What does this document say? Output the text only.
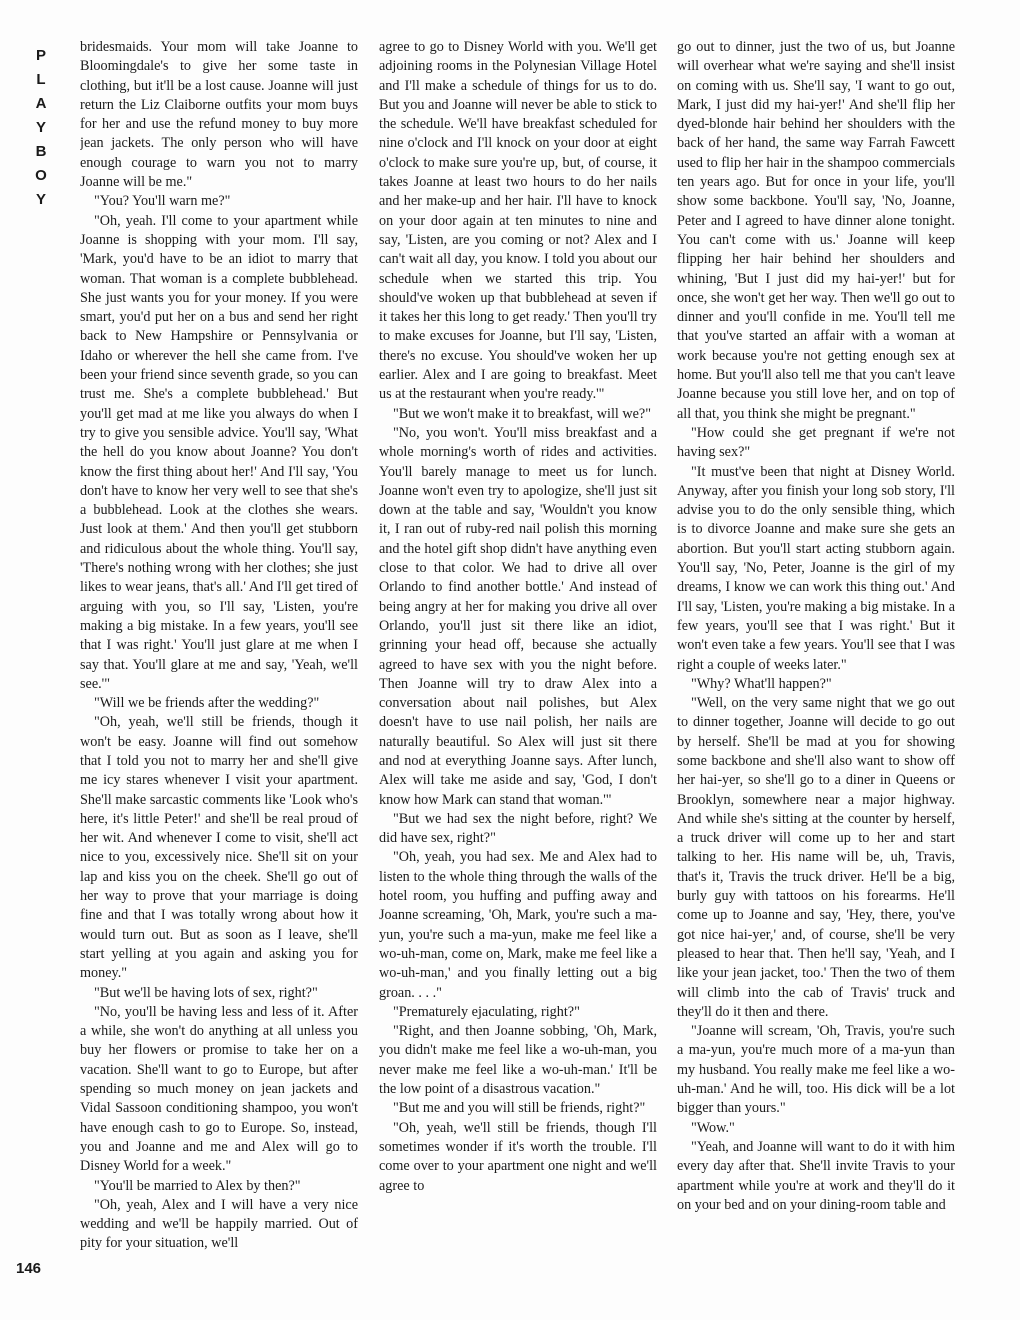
P
L
A
Y
B
O
Y
146

bridesmaids. Your mom will take Joanne to Bloomingdale's to give her some taste in clothing, but it'll be a lost cause. Joanne will just return the Liz Claiborne outfits your mom buys for her and use the refund money to buy more jean jackets. The only person who will have enough courage to warn you not to marry Joanne will be me."

"You? You'll warn me?"

"Oh, yeah. I'll come to your apartment while Joanne is shopping with your mom. I'll say, 'Mark, you'd have to be an idiot to marry that woman. That woman is a complete bubblehead. She just wants you for your money. If you were smart, you'd put her on a bus and send her right back to New Hampshire or Pennsylvania or Idaho or wherever the hell she came from. I've been your friend since seventh grade, so you can trust me. She's a complete bubblehead.' But you'll get mad at me like you always do when I try to give you sensible advice. You'll say, 'What the hell do you know about Joanne? You don't know the first thing about her!' And I'll say, 'You don't have to know her very well to see that she's a bubblehead. Look at the clothes she wears. Just look at them.' And then you'll get stubborn and ridiculous about the whole thing. You'll say, 'There's nothing wrong with her clothes; she just likes to wear jeans, that's all.' And I'll get tired of arguing with you, so I'll say, 'Listen, you're making a big mistake. In a few years, you'll see that I was right.' You'll just glare at me when I say that. You'll glare at me and say, 'Yeah, we'll see.'"

"Will we be friends after the wedding?"

"Oh, yeah, we'll still be friends, though it won't be easy. Joanne will find out somehow that I told you not to marry her and she'll give me icy stares whenever I visit your apartment. She'll make sarcastic comments like 'Look who's here, it's little Peter!' and she'll be real proud of her wit. And whenever I come to visit, she'll act nice to you, excessively nice. She'll sit on your lap and kiss you on the cheek. She'll go out of her way to prove that your marriage is doing fine and that I was totally wrong about how it would turn out. But as soon as I leave, she'll start yelling at you again and asking you for money."

"But we'll be having lots of sex, right?"

"No, you'll be having less and less of it. After a while, she won't do anything at all unless you buy her flowers or promise to take her on a vacation. She'll want to go to Europe, but after spending so much money on jean jackets and Vidal Sassoon conditioning shampoo, you won't have enough cash to go to Europe. So, instead, you and Joanne and me and Alex will go to Disney World for a week."

"You'll be married to Alex by then?"

"Oh, yeah, Alex and I will have a very nice wedding and we'll be happily married. Out of pity for your situation, we'll

agree to go to Disney World with you. We'll get adjoining rooms in the Polynesian Village Hotel and I'll make a schedule of things for us to do. But you and Joanne will never be able to stick to the schedule. We'll have breakfast scheduled for nine o'clock and I'll knock on your door at eight o'clock to make sure you're up, but, of course, it takes Joanne at least two hours to do her nails and her make-up and her hair. I'll have to knock on your door again at ten minutes to nine and say, 'Listen, are you coming or not? Alex and I can't wait all day, you know. I told you about our schedule when we started this trip. You should've woken up that bubblehead at seven if it takes her this long to get ready.' Then you'll try to make excuses for Joanne, but I'll say, 'Listen, there's no excuse. You should've woken her up earlier. Alex and I are going to breakfast. Meet us at the restaurant when you're ready.'"

"But we won't make it to breakfast, will we?"

"No, you won't. You'll miss breakfast and a whole morning's worth of rides and activities. You'll barely manage to meet us for lunch. Joanne won't even try to apologize, she'll just sit down at the table and say, 'Wouldn't you know it, I ran out of ruby-red nail polish this morning and the hotel gift shop didn't have anything even close to that color. We had to drive all over Orlando to find another bottle.' And instead of being angry at her for making you drive all over Orlando, you'll just sit there like an idiot, grinning your head off, because she actually agreed to have sex with you the night before. Then Joanne will try to draw Alex into a conversation about nail polishes, but Alex doesn't have to use nail polish, her nails are naturally beautiful. So Alex will just sit there and nod at everything Joanne says. After lunch, Alex will take me aside and say, 'God, I don't know how Mark can stand that woman.'"

"But we had sex the night before, right? We did have sex, right?"

"Oh, yeah, you had sex. Me and Alex had to listen to the whole thing through the walls of the hotel room, you huffing and puffing away and Joanne screaming, 'Oh, Mark, you're such a ma-yun, you're such a ma-yun, make me feel like a wo-uh-man, come on, Mark, make me feel like a wo-uh-man,' and you finally letting out a big groan. . . ."

"Prematurely ejaculating, right?"

"Right, and then Joanne sobbing, 'Oh, Mark, you didn't make me feel like a wo-uh-man, you never make me feel like a wo-uh-man.' It'll be the low point of a disastrous vacation."

"But me and you will still be friends, right?"

"Oh, yeah, we'll still be friends, though I'll sometimes wonder if it's worth the trouble. I'll come over to your apartment one night and we'll agree to

go out to dinner, just the two of us, but Joanne will overhear what we're saying and she'll insist on coming with us. She'll say, 'I want to go out, Mark, I just did my hai-yer!' And she'll flip her dyed-blonde hair behind her shoulders with the back of her hand, the same way Farrah Fawcett used to flip her hair in the shampoo commercials ten years ago. But for once in your life, you'll show some backbone. You'll say, 'No, Joanne, Peter and I agreed to have dinner alone tonight. You can't come with us.' Joanne will keep flipping her hair behind her shoulders and whining, 'But I just did my hai-yer!' but for once, she won't get her way. Then we'll go out to dinner and you'll confide in me. You'll tell me that you've started an affair with a woman at work because you're not getting enough sex at home. But you'll also tell me that you can't leave Joanne because you still love her, and on top of all that, you think she might be pregnant."

"How could she get pregnant if we're not having sex?"

"It must've been that night at Disney World. Anyway, after you finish your long sob story, I'll advise you to do the only sensible thing, which is to divorce Joanne and make sure she gets an abortion. But you'll start acting stubborn again. You'll say, 'No, Peter, Joanne is the girl of my dreams, I know we can work this thing out.' And I'll say, 'Listen, you're making a big mistake. In a few years, you'll see that I was right.' But it won't even take a few years. You'll see that I was right a couple of weeks later."

"Why? What'll happen?"

"Well, on the very same night that we go out to dinner together, Joanne will decide to go out by herself. She'll be mad at you for showing some backbone and she'll also want to show off her hai-yer, so she'll go to a diner in Queens or Brooklyn, somewhere near a major highway. And while she's sitting at the counter by herself, a truck driver will come up to her and start talking to her. His name will be, uh, Travis, that's it, Travis the truck driver. He'll be a big, burly guy with tattoos on his forearms. He'll come up to Joanne and say, 'Hey, there, you've got nice hai-yer,' and, of course, she'll be very pleased to hear that. Then he'll say, 'Yeah, and I like your jean jacket, too.' Then the two of them will climb into the cab of Travis' truck and they'll do it then and there.

"Joanne will scream, 'Oh, Travis, you're such a ma-yun, you're much more of a ma-yun than my husband. You really make me feel like a wo-uh-man.' And he will, too. His dick will be a lot bigger than yours."

"Wow."

"Yeah, and Joanne will want to do it with him every day after that. She'll invite Travis to your apartment while you're at work and they'll do it on your bed and on your dining-room table and
